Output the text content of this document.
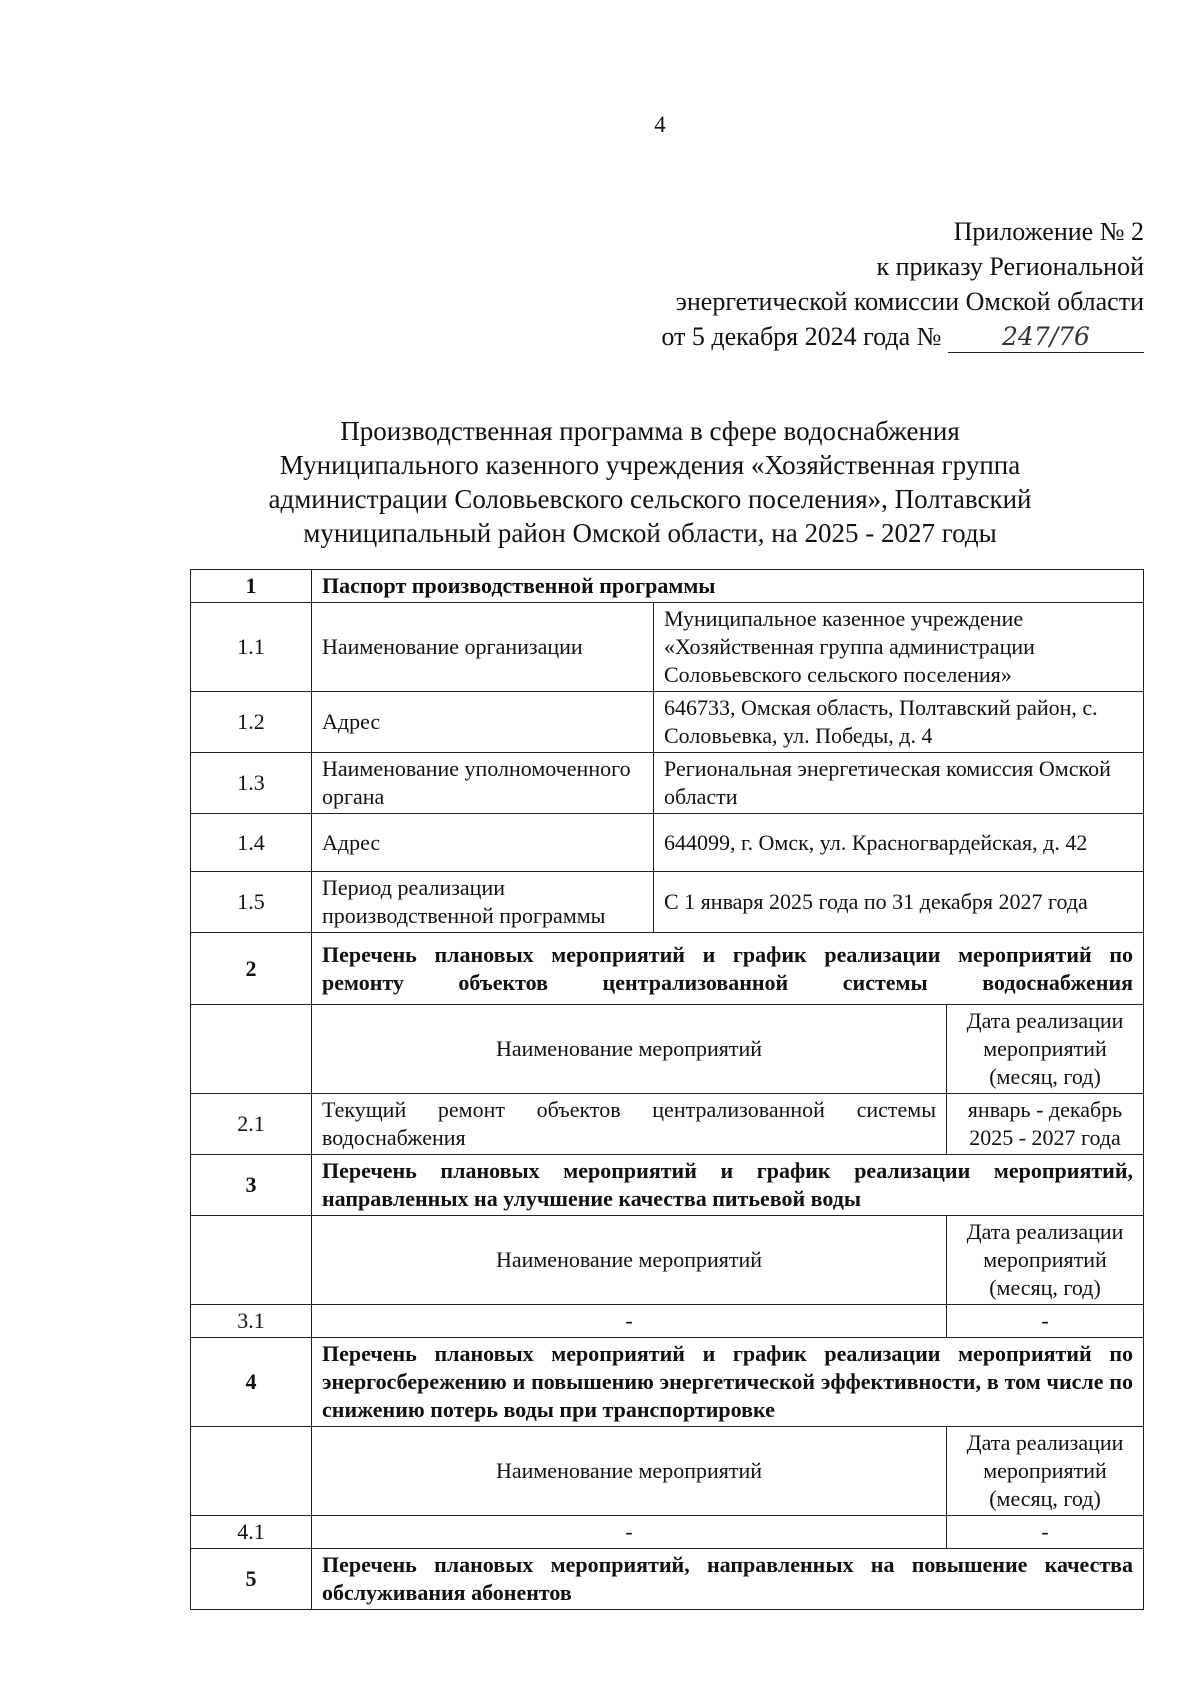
4
Приложение № 2
к приказу Региональной
энергетической комиссии Омской области
от 5 декабря 2024 года № 247/76
Производственная программа в сфере водоснабжения
Муниципального казенного учреждения «Хозяйственная группа
администрации Соловьевского сельского поселения», Полтавский
муниципальный район Омской области, на 2025 - 2027 годы
1	Паспорт производственной программы		
1.1	Наименование организации	Муниципальное казенное учреждение «Хозяйственная группа администрации Соловьевского сельского поселения»	
1.2	Адрес	646733, Омская область, Полтавский район, с. Соловьевка, ул. Победы, д. 4	
1.3	Наименование уполномоченного органа	Региональная энергетическая комиссия Омской области	
1.4	Адрес	644099, г. Омск, ул. Красногвардейская, д. 42	
1.5	Период реализации производственной программы	С 1 января 2025 года по 31 декабря 2027 года	
2	Перечень плановых мероприятий и график реализации мероприятий по ремонту объектов централизованной системы водоснабжения		
	Наименование мероприятий		Дата реализации мероприятий (месяц, год)
2.1	Текущий ремонт объектов централизованной системы водоснабжения		январь - декабрь 2025 - 2027 года
3	Перечень плановых мероприятий и график реализации мероприятий, направленных на улучшение качества питьевой воды		
	Наименование мероприятий		Дата реализации мероприятий (месяц, год)
3.1	-		-
4	Перечень плановых мероприятий и график реализации мероприятий по энергосбережению и повышению энергетической эффективности, в том числе по снижению потерь воды при транспортировке		
	Наименование мероприятий		Дата реализации мероприятий (месяц, год)
4.1	-		-
5	Перечень плановых мероприятий, направленных на повышение качества обслуживания абонентов		
